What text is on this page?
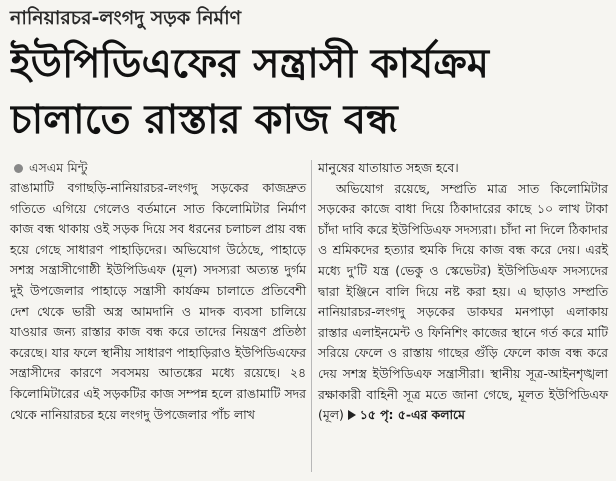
নানিয়ারচর-লংগদু সড়ক নির্মাণ
ইউপিডিএফের সন্ত্রাসী কার্যক্রম
চালাতে রাস্তার কাজ বন্ধ
এসএম মিন্টু

রাঙামাটি বগাছড়ি-নানিয়ারচর-লংগদু সড়কের কাজদ্রুত গতিতে এগিয়ে গেলেও বর্তমানে সাত কিলোমিটার নির্মাণ কাজ বন্ধ থাকায় ওই সড়ক দিয়ে সব ধরনের চলাচল প্রায় বন্ধ হয়ে গেছে সাধারণ পাহাড়িদের। অভিযোগ উঠেছে, পাহাড়ে সশস্ত্র সন্ত্রাসীগোষ্ঠী ইউপিডিএফ (মূল) সদস্যরা অত্যন্ত দুর্গম দুই উপজেলার পাহাড়ে সন্ত্রাসী কার্যক্রম চালাতে প্রতিবেশী দেশ থেকে ভারী অস্ত্র আমদানি ও মাদক ব্যবসা চালিয়ে যাওয়ার জন্য রাস্তার কাজ বন্ধ করে তাদের নিয়ন্ত্রণ প্রতিষ্ঠা করেছে। যার ফলে স্থানীয় সাধারণ পাহাড়িরাও ইউপিডিএফের সন্ত্রাসীদের কারণে সবসময় আতঙ্কের মধ্যে রয়েছে। ২৪ কিলোমিটারের এই সড়কটির কাজ সম্পন্ন হলে রাঙামাটি সদর থেকে নানিয়ারচর হয়ে লংগদু উপজেলার পাঁচ লাখ

মানুষের যাতায়াত সহজ হবে।

অভিযোগ রয়েছে, সম্প্রতি মাত্র সাত কিলোমিটার সড়কের কাজে বাধা দিয়ে ঠিকাদারের কাছে ১০ লাখ টাকা চাঁদা দাবি করে ইউপিডিএফ সদস্যরা। চাঁদা না দিলে ঠিকাদার ও শ্রমিকদের হত্যার হুমকি দিয়ে কাজ বন্ধ করে দেয়। এরই মধ্যে দু'টি যন্ত্র (ভেকু ও স্কেভেটর) ইউপিডিএফ সদস্যদের দ্বারা ইঞ্জিনে বালি দিয়ে নষ্ট করা হয়। এ ছাড়াও সম্প্রতি নানিয়ারচর-লংগদু সড়কের ডাকঘর মনপাড়া এলাকায় রাস্তার এলাইনমেন্ট ও ফিনিশিং কাজের স্থানে গর্ত করে মাটি সরিয়ে ফেলে ও রাস্তায় গাছের গুঁড়ি ফেলে কাজ বন্ধ করে দেয় সশস্ত্র ইউপিডিএফ সন্ত্রাসীরা। স্থানীয় সূত্র-আইনশৃঙ্খলা রক্ষাকারী বাহিনী সূত্র মতে জানা গেছে, মূলত ইউপিডিএফ (মূল) ১৫ পৃ: ৫-এর কলামে
